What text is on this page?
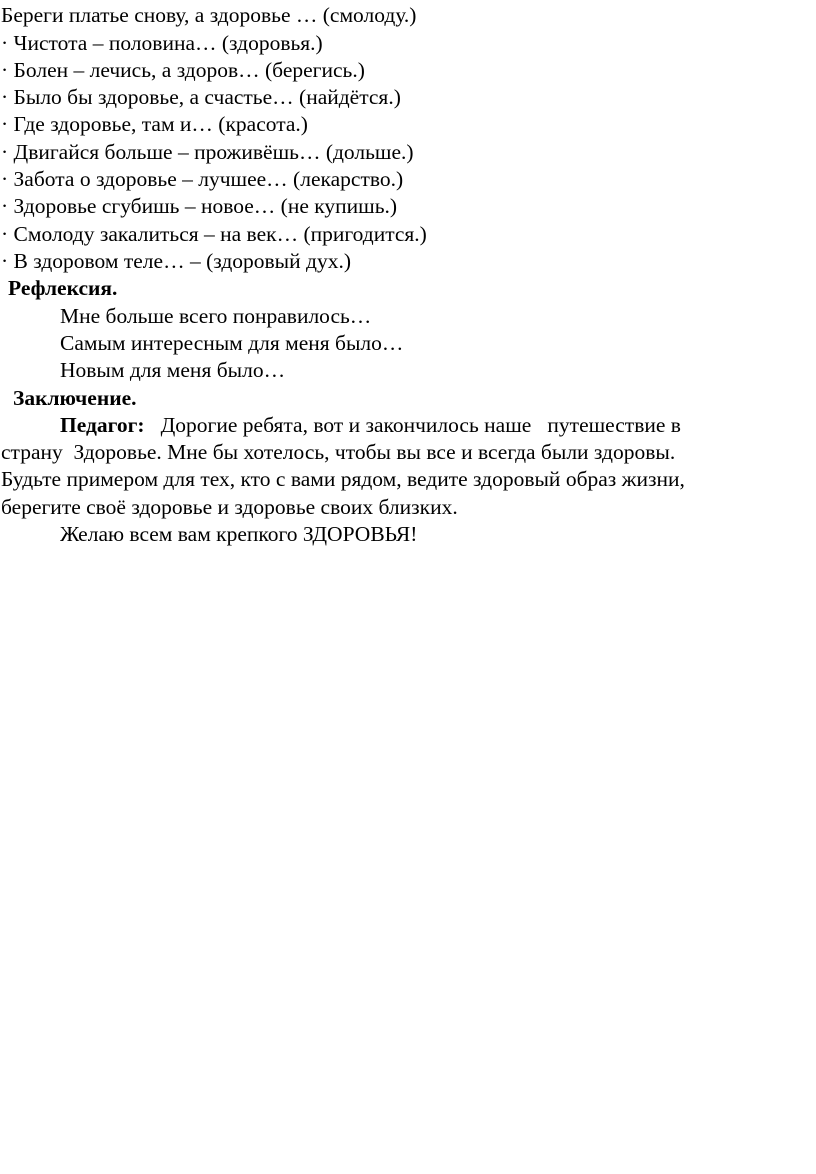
Береги платье снову, а здоровье … (смолоду.)
· Чистота – половина… (здоровья.)
· Болен – лечись, а здоров… (берегись.)
· Было бы здоровье, а счастье… (найдётся.)
· Где здоровье, там и… (красота.)
· Двигайся больше – проживёшь… (дольше.)
· Забота о здоровье – лучшее… (лекарство.)
· Здоровье сгубишь – новое… (не купишь.)
· Смолоду закалиться – на век… (пригодится.)
· В здоровом теле… – (здоровый дух.)
Рефлексия.
Мне больше всего понравилось…
Самым интересным для меня было…
Новым для меня было…
Заключение.
Педагог: Дорогие ребята, вот и закончилось наше   путешествие в
страну  Здоровье. Мне бы хотелось, чтобы вы все и всегда были здоровы.
Будьте примером для тех, кто с вами рядом, ведите здоровый образ жизни,
берегите своё здоровье и здоровье своих близких.
Желаю всем вам крепкого ЗДОРОВЬЯ!
